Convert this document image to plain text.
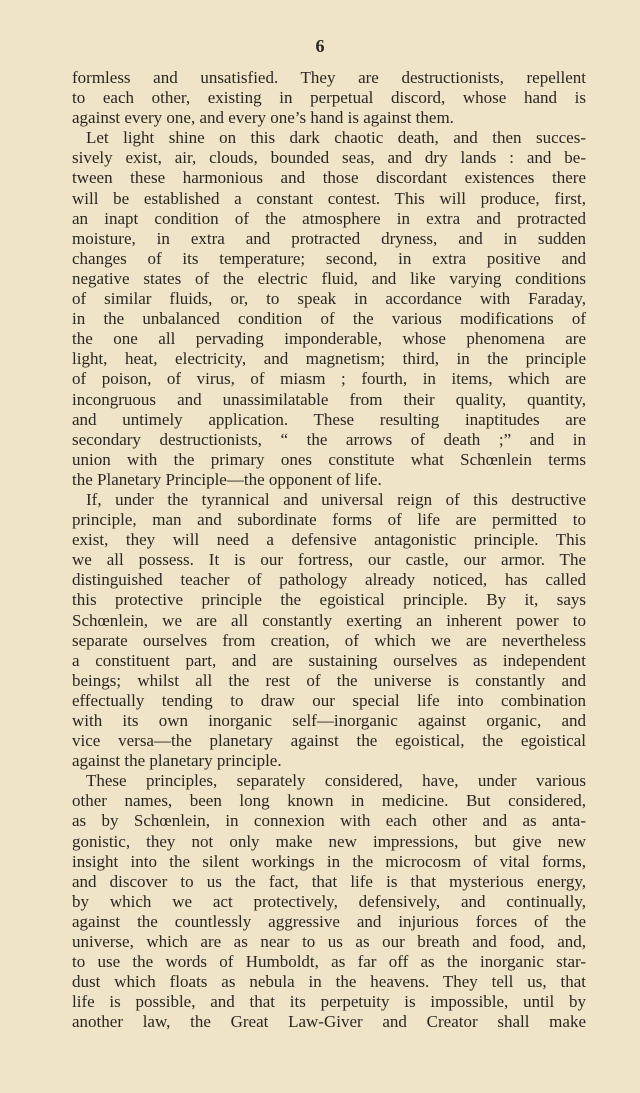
6
formless and unsatisfied. They are destructionists, repellent
to each other, existing in perpetual discord, whose hand is
against every one, and every one’s hand is against them.
Let light shine on this dark chaotic death, and then succes-
sively exist, air, clouds, bounded seas, and dry lands : and be-
tween these harmonious and those discordant existences there
will be established a constant contest. This will produce, first,
an inapt condition of the atmosphere in extra and protracted
moisture, in extra and protracted dryness, and in sudden
changes of its temperature; second, in extra positive and
negative states of the electric fluid, and like varying conditions
of similar fluids, or, to speak in accordance with Faraday,
in the unbalanced condition of the various modifications of
the one all pervading imponderable, whose phenomena are
light, heat, electricity, and magnetism; third, in the principle
of poison, of virus, of miasm ; fourth, in items, which are
incongruous and unassimilatable from their quality, quantity,
and untimely application. These resulting inaptitudes are
secondary destructionists, “ the arrows of death ;” and in
union with the primary ones constitute what Schœnlein terms
the Planetary Principle—the opponent of life.
If, under the tyrannical and universal reign of this destructive
principle, man and subordinate forms of life are permitted to
exist, they will need a defensive antagonistic principle. This
we all possess. It is our fortress, our castle, our armor. The
distinguished teacher of pathology already noticed, has called
this protective principle the egoistical principle. By it, says
Schœnlein, we are all constantly exerting an inherent power to
separate ourselves from creation, of which we are nevertheless
a constituent part, and are sustaining ourselves as independent
beings; whilst all the rest of the universe is constantly and
effectually tending to draw our special life into combination
with its own inorganic self—inorganic against organic, and
vice versa—the planetary against the egoistical, the egoistical
against the planetary principle.
These principles, separately considered, have, under various
other names, been long known in medicine. But considered,
as by Schœnlein, in connexion with each other and as anta-
gonistic, they not only make new impressions, but give new
insight into the silent workings in the microcosm of vital forms,
and discover to us the fact, that life is that mysterious energy,
by which we act protectively, defensively, and continually,
against the countlessly aggressive and injurious forces of the
universe, which are as near to us as our breath and food, and,
to use the words of Humboldt, as far off as the inorganic star-
dust which floats as nebula in the heavens. They tell us, that
life is possible, and that its perpetuity is impossible, until by
another law, the Great Law-Giver and Creator shall make
